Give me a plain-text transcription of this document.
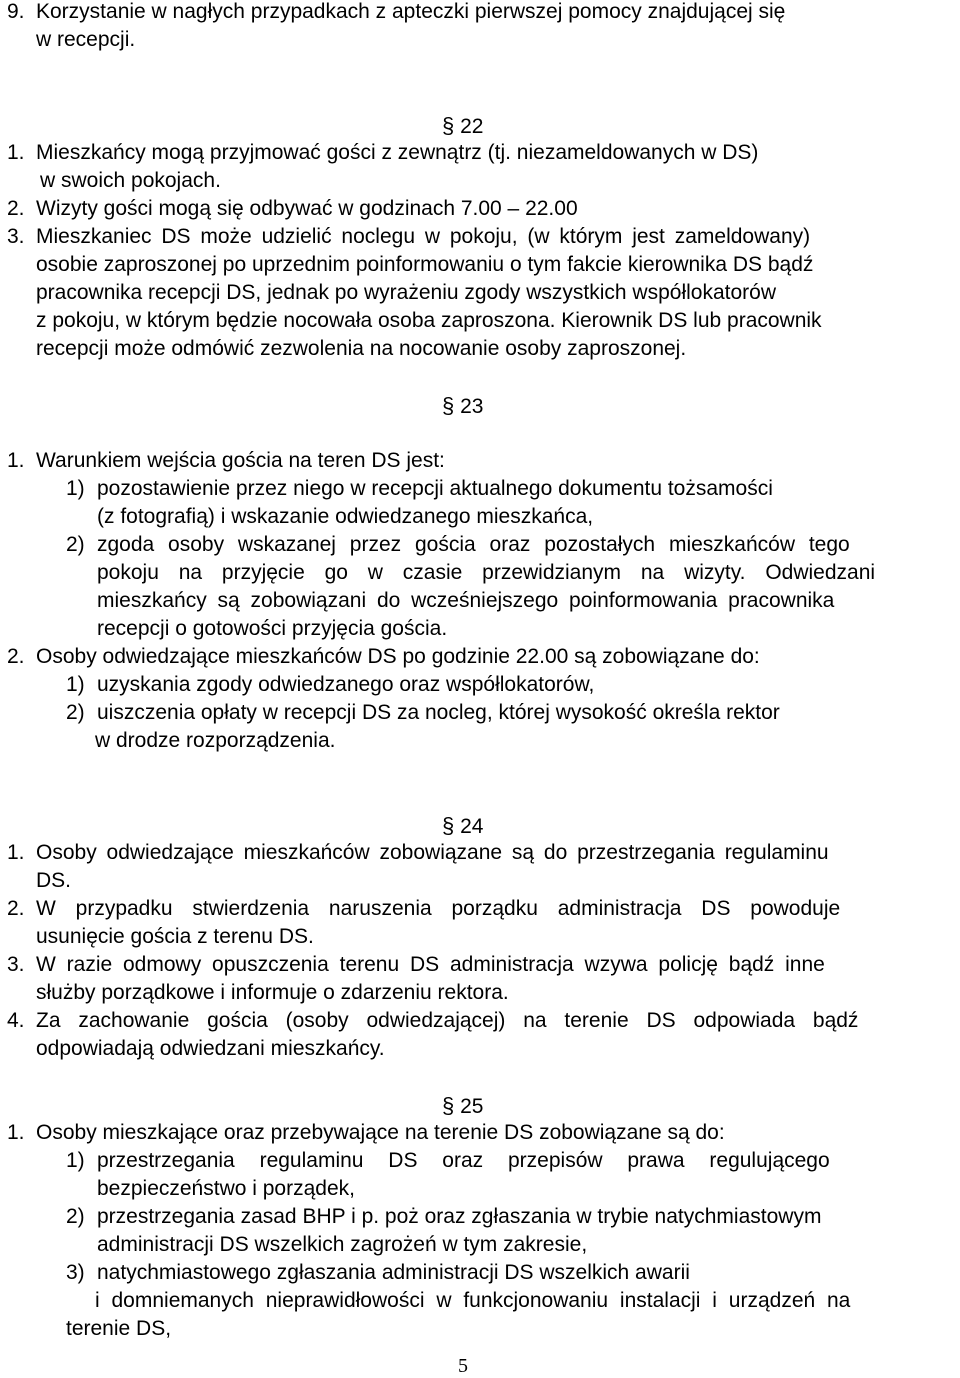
9. Korzystanie w nagłych przypadkach z apteczki pierwszej pomocy znajdującej się
w recepcji.
§ 22
1. Mieszkańcy mogą przyjmować gości z zewnątrz (tj. niezameldowanych w DS)
w swoich pokojach.
2. Wizyty gości mogą się odbywać w godzinach 7.00 – 22.00
3. Mieszkaniec DS może udzielić noclegu w pokoju, (w którym jest zameldowany)
osobie zaproszonej po uprzednim poinformowaniu o tym fakcie kierownika DS bądź
pracownika recepcji DS, jednak po wyrażeniu zgody wszystkich współlokatorów
z pokoju, w którym będzie nocowała osoba zaproszona. Kierownik DS lub pracownik
recepcji może odmówić zezwolenia na nocowanie osoby zaproszonej.
§ 23
1. Warunkiem wejścia gościa na teren DS jest:
1) pozostawienie przez niego w recepcji aktualnego dokumentu tożsamości
(z fotografią) i wskazanie odwiedzanego mieszkańca,
2) zgoda osoby wskazanej przez gościa oraz pozostałych mieszkańców tego
pokoju na przyjęcie go w czasie przewidzianym na wizyty. Odwiedzani
mieszkańcy są zobowiązani do wcześniejszego poinformowania pracownika
recepcji o gotowości przyjęcia gościa.
2. Osoby odwiedzające mieszkańców DS po godzinie 22.00 są zobowiązane do:
1) uzyskania zgody odwiedzanego oraz współlokatorów,
2) uiszczenia opłaty w recepcji DS za nocleg, której wysokość określa rektor
w drodze rozporządzenia.
§ 24
1. Osoby odwiedzające mieszkańców zobowiązane są do przestrzegania regulaminu
DS.
2. W przypadku stwierdzenia naruszenia porządku administracja DS powoduje
usunięcie gościa z terenu DS.
3. W razie odmowy opuszczenia terenu DS administracja wzywa policję bądź inne
służby porządkowe i informuje o zdarzeniu rektora.
4. Za zachowanie gościa (osoby odwiedzającej) na terenie DS odpowiada bądź
odpowiadają odwiedzani mieszkańcy.
§ 25
1. Osoby mieszkające oraz przebywające na terenie DS zobowiązane są do:
1) przestrzegania regulaminu DS oraz przepisów prawa regulującego
bezpieczeństwo i porządek,
2) przestrzegania zasad BHP i p. poż oraz zgłaszania w trybie natychmiastowym
administracji DS wszelkich zagrożeń w tym zakresie,
3) natychmiastowego zgłaszania administracji DS wszelkich awarii
i domniemanych nieprawidłowości w funkcjonowaniu instalacji i urządzeń na
terenie DS,
5
